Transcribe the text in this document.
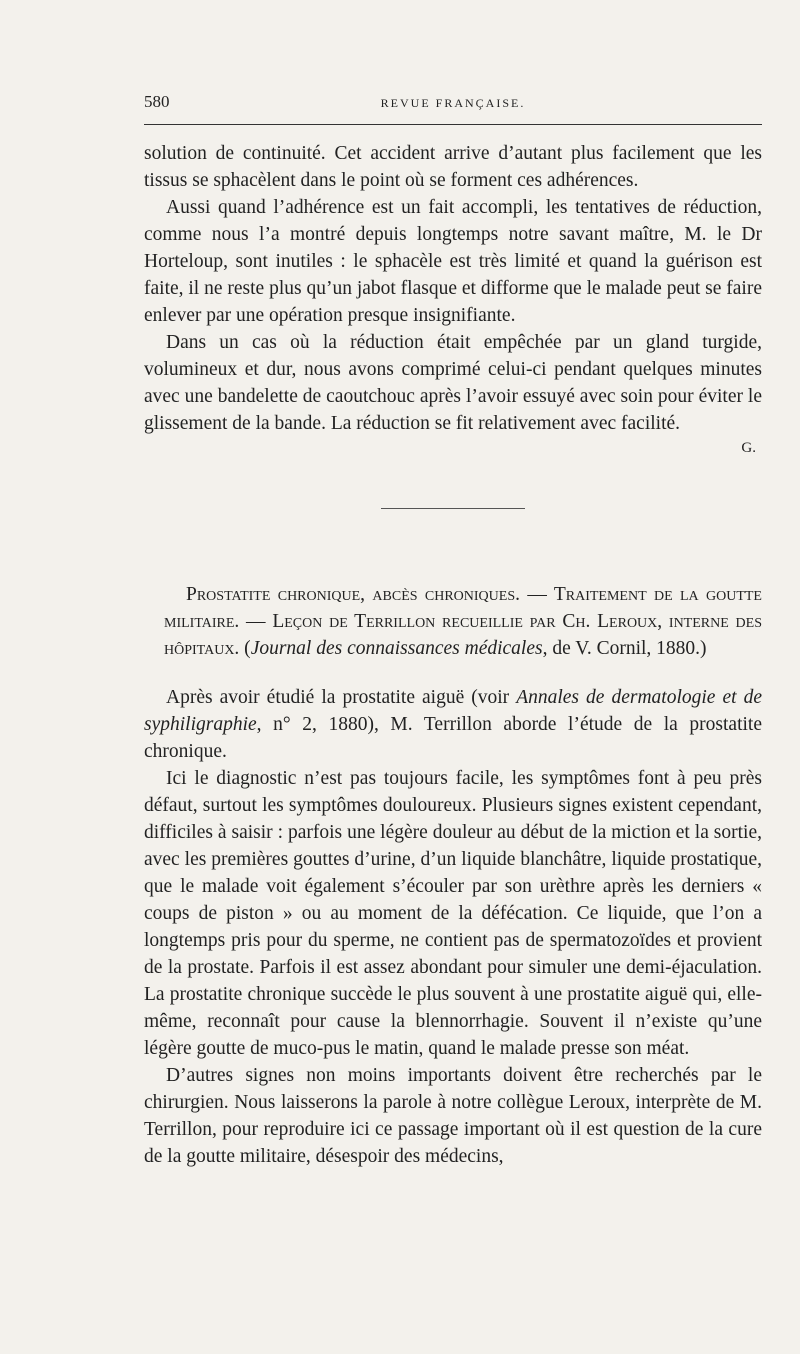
580	REVUE FRANÇAISE.

solution de continuité. Cet accident arrive d’autant plus facilement que les tissus se sphacèlent dans le point où se forment ces adhérences.

Aussi quand l’adhérence est un fait accompli, les tentatives de réduction, comme nous l’a montré depuis longtemps notre savant maître, M. le Dr Horteloup, sont inutiles : le sphacèle est très limité et quand la guérison est faite, il ne reste plus qu’un jabot flasque et difforme que le malade peut se faire enlever par une opération presque insignifiante.

Dans un cas où la réduction était empêchée par un gland turgide, volumineux et dur, nous avons comprimé celui-ci pendant quelques minutes avec une bandelette de caoutchouc après l’avoir essuyé avec soin pour éviter le glissement de la bande. La réduction se fit relativement avec facilité.

G.

Prostatite chronique, abcès chroniques. — Traitement de la goutte militaire. — Leçon de Terrillon recueillie par Ch. Leroux, interne des hôpitaux. (Journal des connaissances médicales, de V. Cornil, 1880.)

Après avoir étudié la prostatite aiguë (voir Annales de dermatologie et de syphiligraphie, n° 2, 1880), M. Terrillon aborde l’étude de la prostatite chronique.

Ici le diagnostic n’est pas toujours facile, les symptômes font à peu près défaut, surtout les symptômes douloureux. Plusieurs signes existent cependant, difficiles à saisir : parfois une légère douleur au début de la miction et la sortie, avec les premières gouttes d’urine, d’un liquide blanchâtre, liquide prostatique, que le malade voit également s’écouler par son urèthre après les derniers « coups de piston » ou au moment de la défécation. Ce liquide, que l’on a longtemps pris pour du sperme, ne contient pas de spermatozoïdes et provient de la prostate. Parfois il est assez abondant pour simuler une demi-éjaculation. La prostatite chronique succède le plus souvent à une prostatite aiguë qui, elle-même, reconnaît pour cause la blennorrhagie. Souvent il n’existe qu’une légère goutte de muco-pus le matin, quand le malade presse son méat.

D’autres signes non moins importants doivent être recherchés par le chirurgien. Nous laisserons la parole à notre collègue Leroux, interprète de M. Terrillon, pour reproduire ici ce passage important où il est question de la cure de la goutte militaire, désespoir des médecins,
